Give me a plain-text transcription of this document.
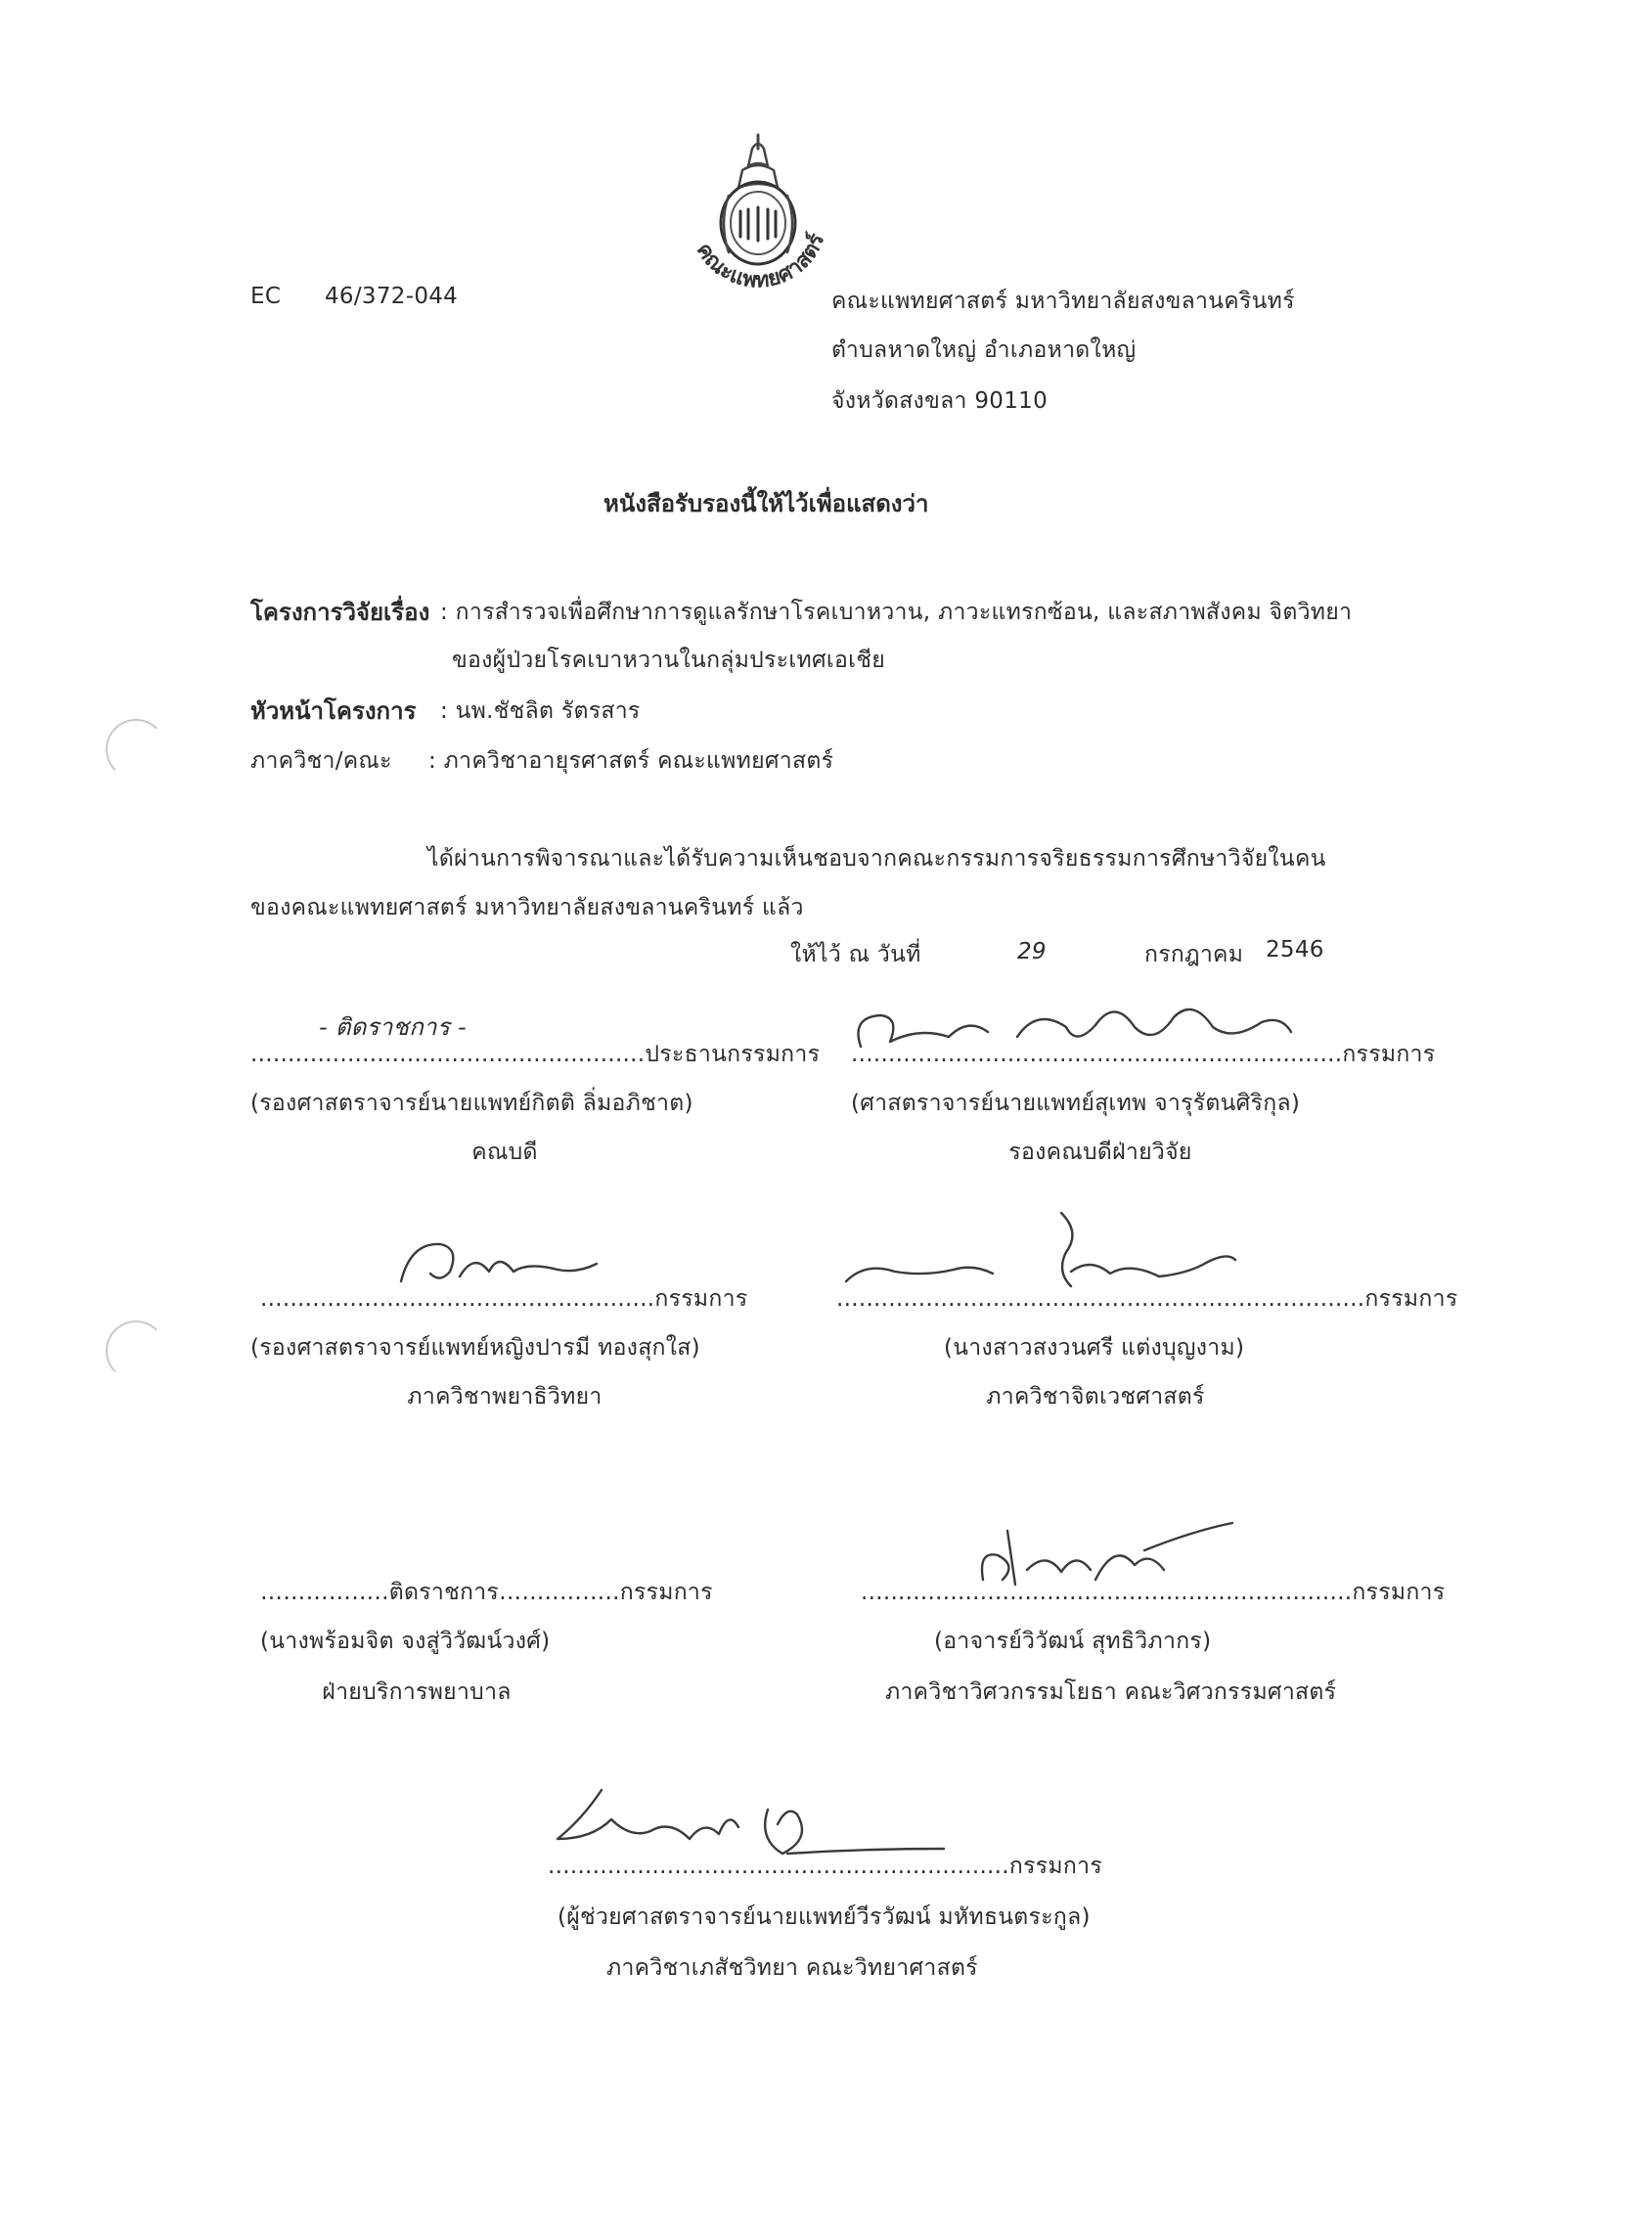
คณะแพทยศาสตร์
EC 46/372-044	คณะแพทยศาสตร์ มหาวิทยาลัยสงขลานครินทร์
ตำบลหาดใหญ่ อำเภอหาดใหญ่
จังหวัดสงขลา 90110
หนังสือรับรองนี้ให้ไว้เพื่อแสดงว่า
โครงการวิจัยเรื่อง : การสำรวจเพื่อศึกษาการดูแลรักษาโรคเบาหวาน, ภาวะแทรกซ้อน, และสภาพสังคม จิตวิทยา
ของผู้ป่วยโรคเบาหวานในกลุ่มประเทศเอเชีย
หัวหน้าโครงการ : นพ.ชัชลิต รัตรสาร
ภาควิชา/คณะ : ภาควิชาอายุรศาสตร์ คณะแพทยศาสตร์
ได้ผ่านการพิจารณาและได้รับความเห็นชอบจากคณะกรรมการจริยธรรมการศึกษาวิจัยในคน
ของคณะแพทยศาสตร์ มหาวิทยาลัยสงขลานครินทร์ แล้ว
ให้ไว้ ณ วันที่	29	กรกฎาคม 2546
- ติดราชการ -
.....................................................ประธานกรรมการ
(รองศาสตราจารย์นายแพทย์กิตติ ลิ่มอภิชาต)
คณบดี
..................................................................กรรมการ
(ศาสตราจารย์นายแพทย์สุเทพ จารุรัตนศิริกุล)
รองคณบดีฝ่ายวิจัย
.....................................................กรรมการ
(รองศาสตราจารย์แพทย์หญิงปารมี ทองสุกใส)
ภาควิชาพยาธิวิทยา
.......................................................................กรรมการ
(นางสาวสงวนศรี แต่งบุญงาม)
ภาควิชาจิตเวชศาสตร์
……………..ติดราชการ……..……..กรรมการ
(นางพร้อมจิต จงสู่วิวัฒน์วงศ์)
ฝ่ายบริการพยาบาล
..................................................................กรรมการ
(อาจารย์วิวัฒน์ สุทธิวิภากร)
ภาควิชาวิศวกรรมโยธา คณะวิศวกรรมศาสตร์
..............................................................กรรมการ
(ผู้ช่วยศาสตราจารย์นายแพทย์วีรวัฒน์ มหัทธนตระกูล)
ภาควิชาเภสัชวิทยา คณะวิทยาศาสตร์
